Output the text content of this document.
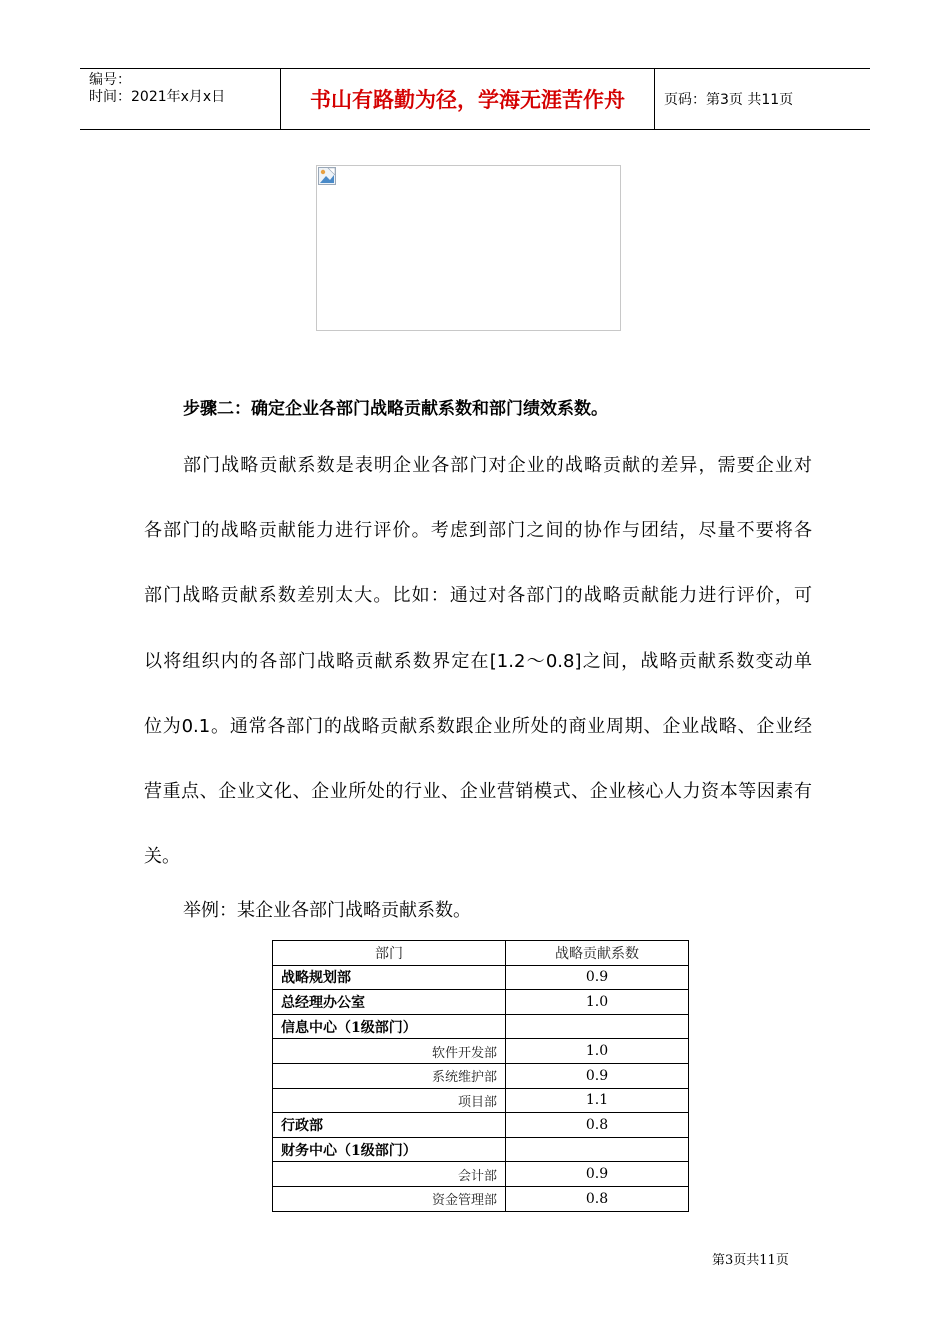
编号：
时间：2021年x月x日	书山有路勤为径，学海无涯苦作舟	页码：第3页 共11页
步骤二：确定企业各部门战略贡献系数和部门绩效系数。
部门战略贡献系数是表明企业各部门对企业的战略贡献的差异，需要企业对
各部门的战略贡献能力进行评价。考虑到部门之间的协作与团结，尽量不要将各
部门战略贡献系数差别太大。比如：通过对各部门的战略贡献能力进行评价，可
以将组织内的各部门战略贡献系数界定在[1.2～0.8]之间，战略贡献系数变动单
位为0.1。通常各部门的战略贡献系数跟企业所处的商业周期、企业战略、企业经
营重点、企业文化、企业所处的行业、企业营销模式、企业核心人力资本等因素有
关。
举例：某企业各部门战略贡献系数。
部门	战略贡献系数
战略规划部	0.9
总经理办公室	1.0
信息中心（1级部门）	
软件开发部	1.0
系统维护部	0.9
项目部	1.1
行政部	0.8
财务中心（1级部门）	
会计部	0.9
资金管理部	0.8
第3页共11页
